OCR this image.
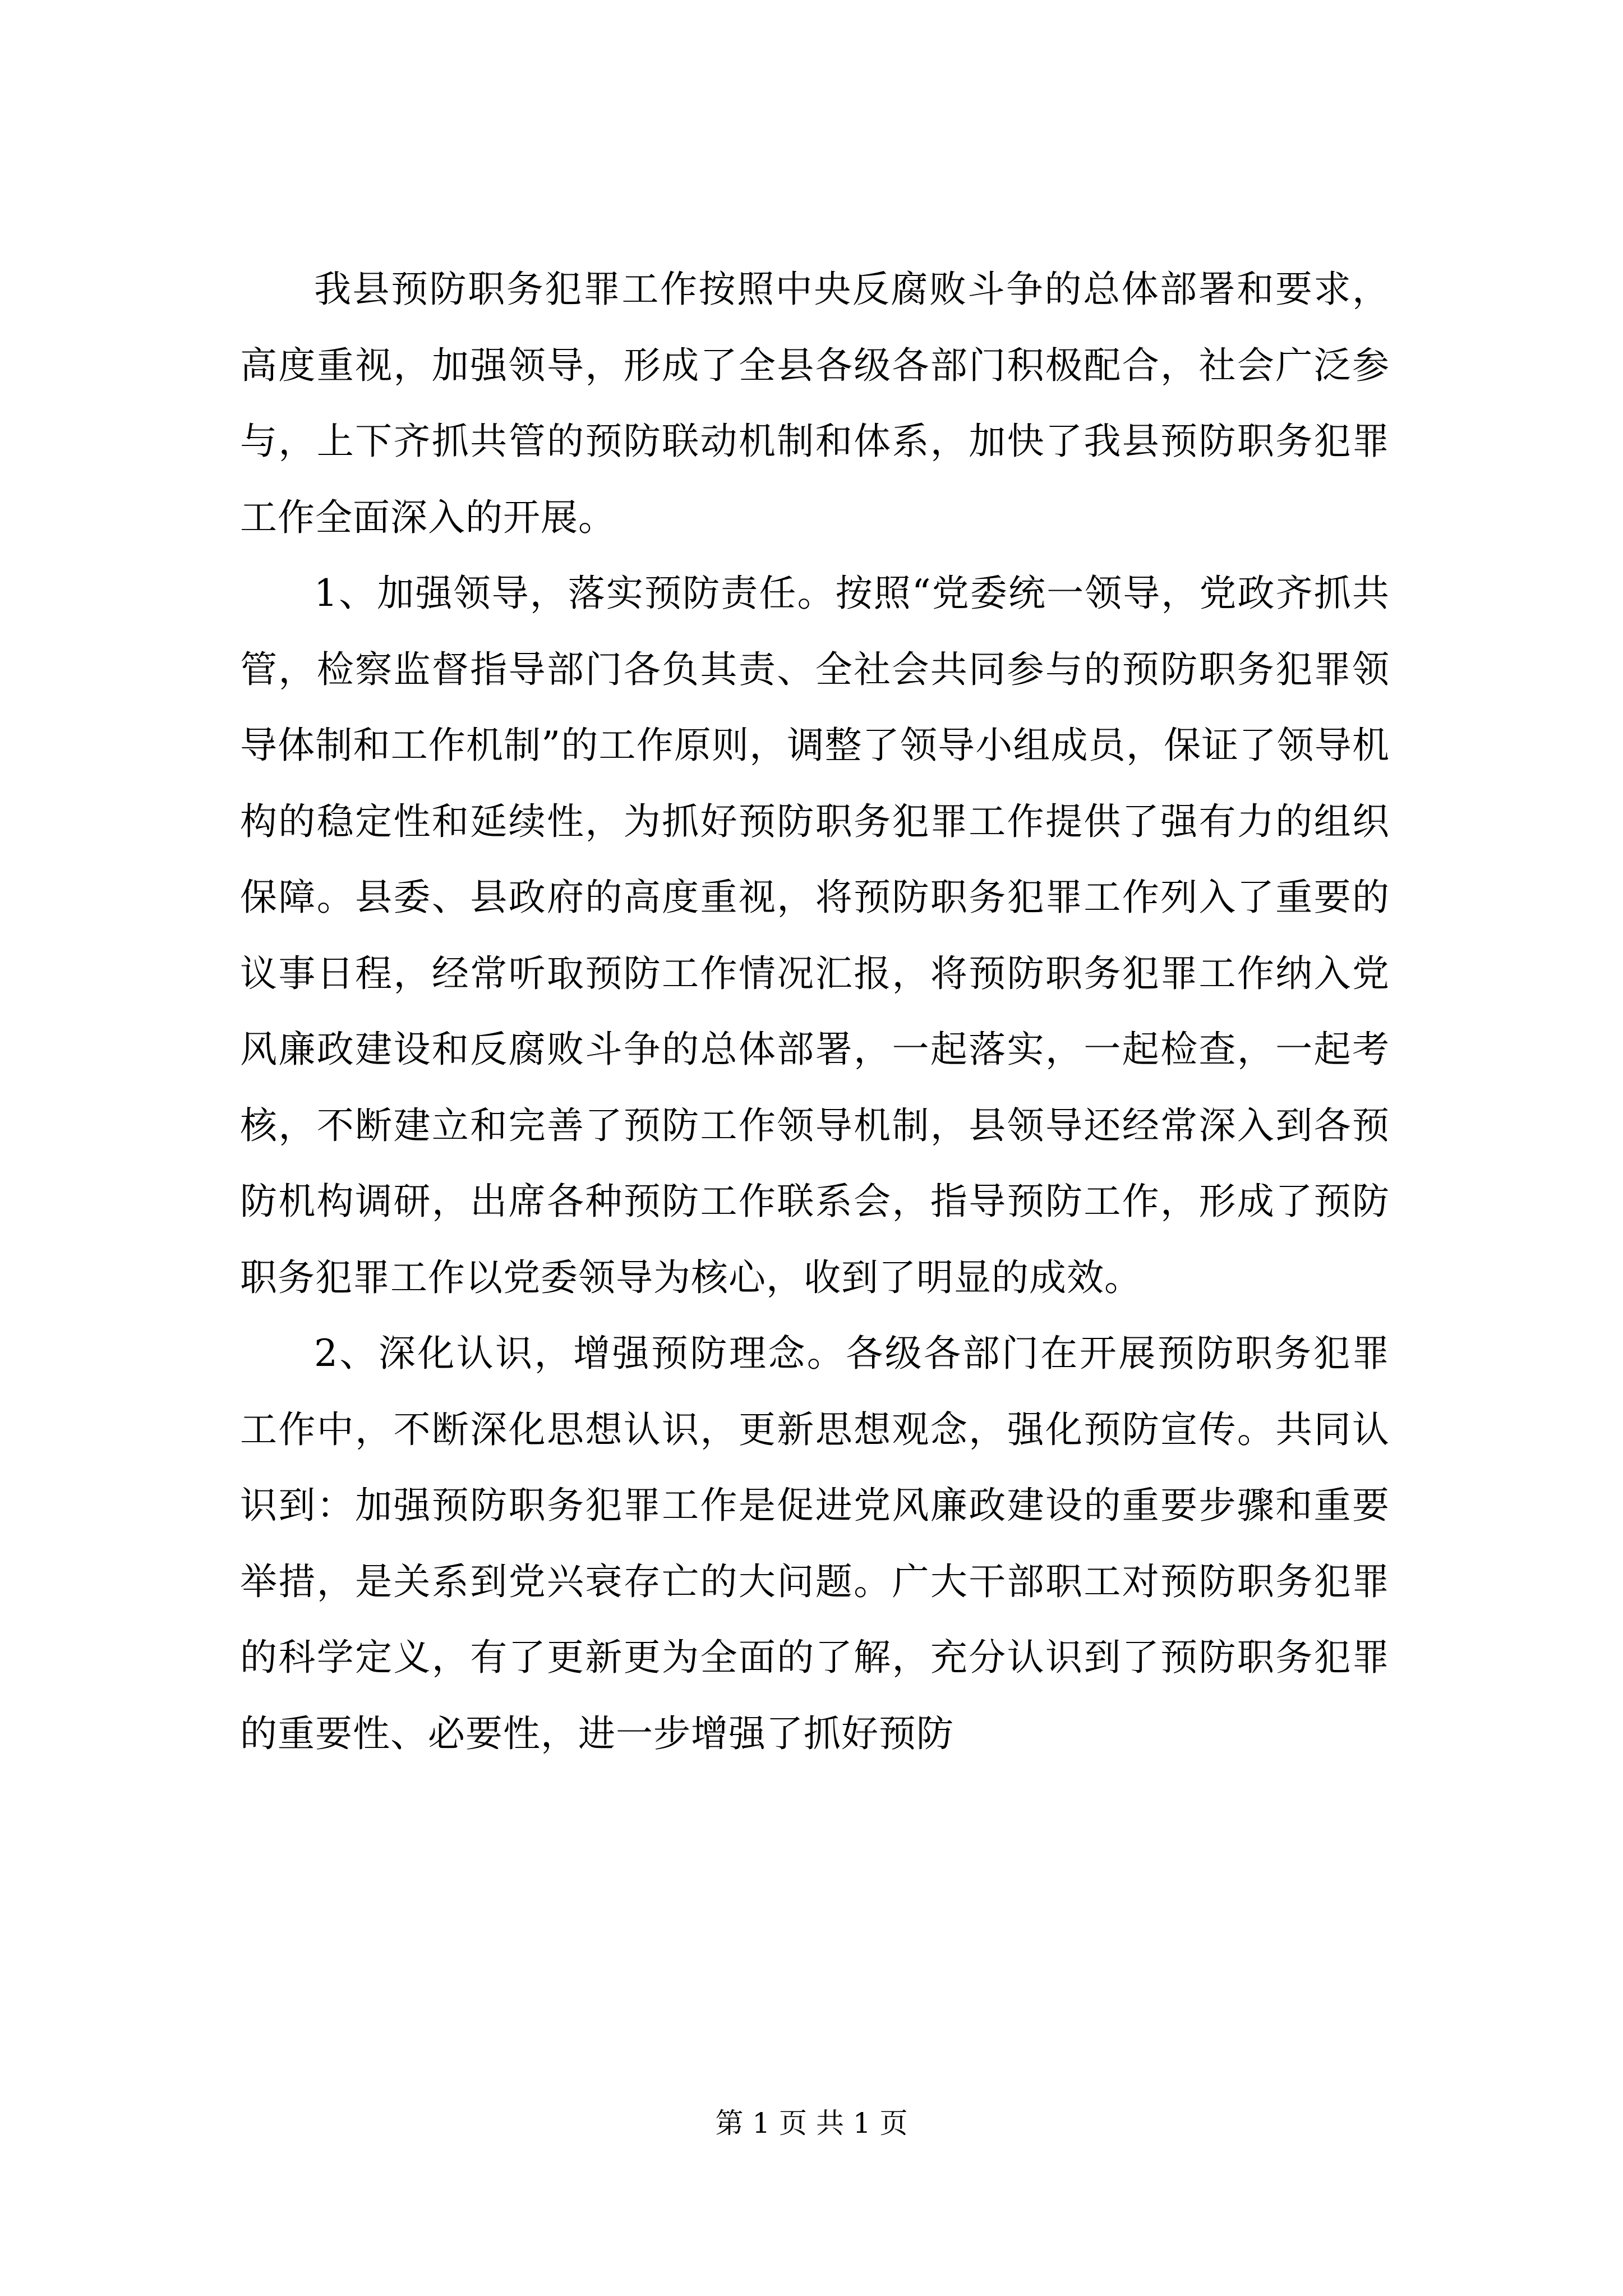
我县预防职务犯罪工作按照中央反腐败斗争的总体部署和要求，高度重视，加强领导，形成了全县各级各部门积极配合，社会广泛参与，上下齐抓共管的预防联动机制和体系，加快了我县预防职务犯罪工作全面深入的开展。

1、加强领导，落实预防责任。按照“党委统一领导，党政齐抓共管，检察监督指导部门各负其责、全社会共同参与的预防职务犯罪领导体制和工作机制”的工作原则，调整了领导小组成员，保证了领导机构的稳定性和延续性，为抓好预防职务犯罪工作提供了强有力的组织保障。县委、县政府的高度重视，将预防职务犯罪工作列入了重要的议事日程，经常听取预防工作情况汇报，将预防职务犯罪工作纳入党风廉政建设和反腐败斗争的总体部署，一起落实，一起检查，一起考核，不断建立和完善了预防工作领导机制，县领导还经常深入到各预防机构调研，出席各种预防工作联系会，指导预防工作，形成了预防职务犯罪工作以党委领导为核心，收到了明显的成效。

2、深化认识，增强预防理念。各级各部门在开展预防职务犯罪工作中，不断深化思想认识，更新思想观念，强化预防宣传。共同认识到：加强预防职务犯罪工作是促进党风廉政建设的重要步骤和重要举措，是关系到党兴衰存亡的大问题。广大干部职工对预防职务犯罪的科学定义，有了更新更为全面的了解，充分认识到了预防职务犯罪的重要性、必要性，进一步增强了抓好预防

第 1 页 共 1 页
